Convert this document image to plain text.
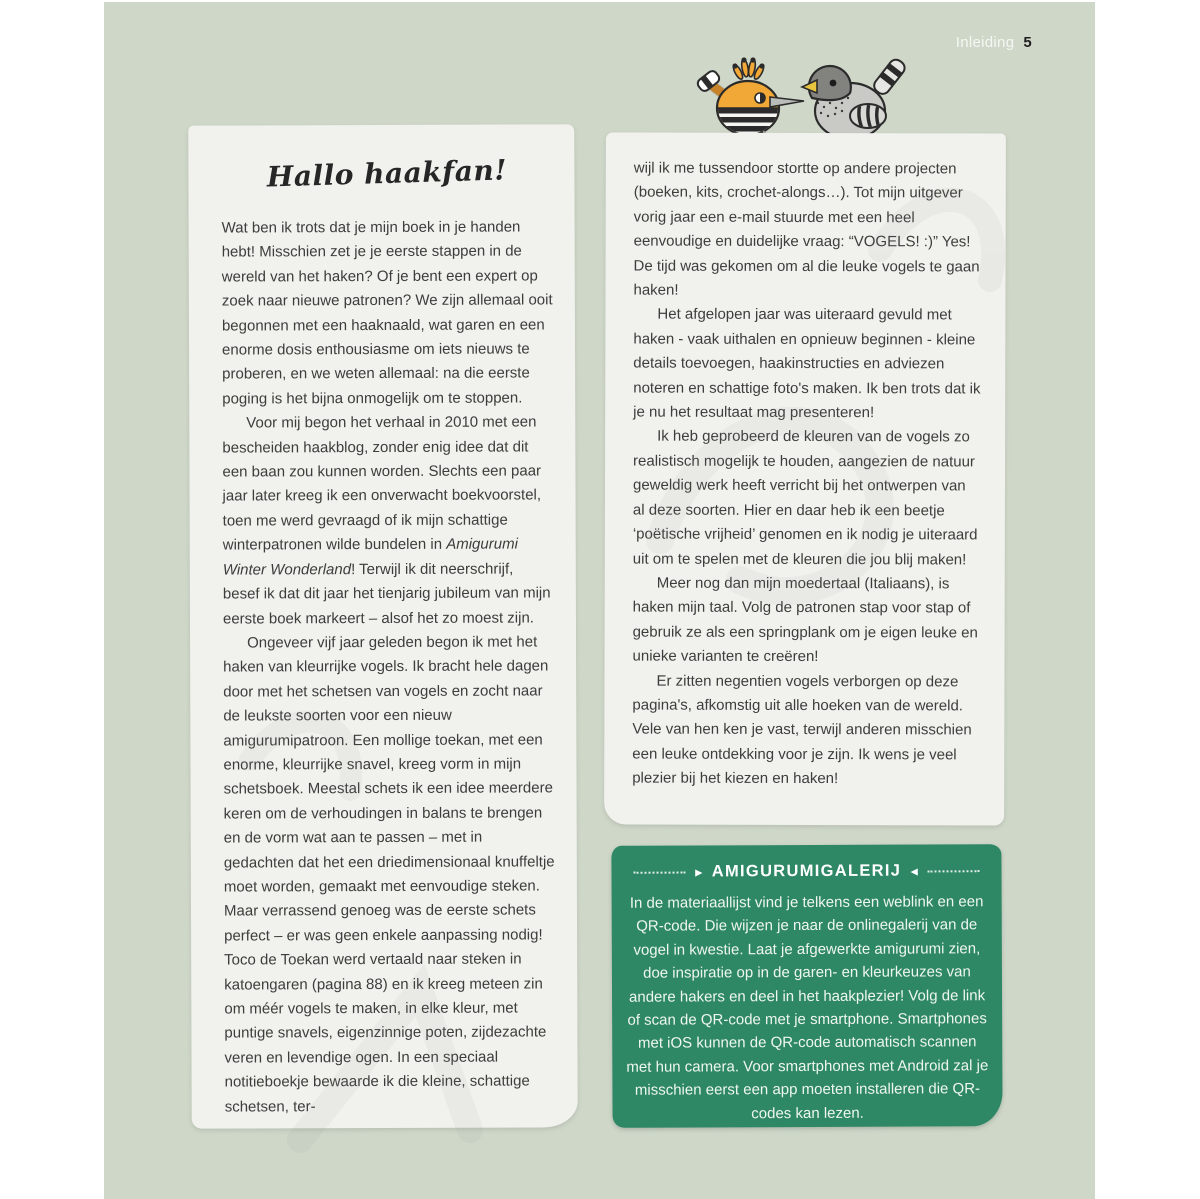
Inleiding 5
Hallo haakfan!

Wat ben ik trots dat je mijn boek in je handen hebt! Misschien zet je je eerste stappen in de wereld van het haken? Of je bent een expert op zoek naar nieuwe patronen? We zijn allemaal ooit begonnen met een haaknaald, wat garen en een enorme dosis enthousiasme om iets nieuws te proberen, en we weten allemaal: na die eerste poging is het bijna onmogelijk om te stoppen.

Voor mij begon het verhaal in 2010 met een bescheiden haakblog, zonder enig idee dat dit een baan zou kunnen worden. Slechts een paar jaar later kreeg ik een onverwacht boekvoorstel, toen me werd gevraagd of ik mijn schattige winterpatronen wilde bundelen in Amigurumi Winter Wonderland! Terwijl ik dit neerschrijf, besef ik dat dit jaar het tienjarig jubileum van mijn eerste boek markeert – alsof het zo moest zijn.

Ongeveer vijf jaar geleden begon ik met het haken van kleurrijke vogels. Ik bracht hele dagen door met het schetsen van vogels en zocht naar de leukste soorten voor een nieuw amigurumipatroon. Een mollige toekan, met een enorme, kleurrijke snavel, kreeg vorm in mijn schetsboek. Meestal schets ik een idee meerdere keren om de verhoudingen in balans te brengen en de vorm wat aan te passen – met in gedachten dat het een driedimensionaal knuffeltje moet worden, gemaakt met eenvoudige steken. Maar verrassend genoeg was de eerste schets perfect – er was geen enkele aanpassing nodig! Toco de Toekan werd vertaald naar steken in katoengaren (pagina 88) en ik kreeg meteen zin om méér vogels te maken, in elke kleur, met puntige snavels, eigenzinnige poten, zijdezachte veren en levendige ogen. In een speciaal notitieboekje bewaarde ik die kleine, schattige schetsen, ter-

wijl ik me tussendoor stortte op andere projecten (boeken, kits, crochet-alongs…). Tot mijn uitgever vorig jaar een e-mail stuurde met een heel eenvoudige en duidelijke vraag: “VOGELS! :)” Yes! De tijd was gekomen om al die leuke vogels te gaan haken!

Het afgelopen jaar was uiteraard gevuld met haken - vaak uithalen en opnieuw beginnen - kleine details toevoegen, haakinstructies en adviezen noteren en schattige foto's maken. Ik ben trots dat ik je nu het resultaat mag presenteren!

Ik heb geprobeerd de kleuren van de vogels zo realistisch mogelijk te houden, aangezien de natuur geweldig werk heeft verricht bij het ontwerpen van al deze soorten. Hier en daar heb ik een beetje ‘poëtische vrijheid’ genomen en ik nodig je uiteraard uit om te spelen met de kleuren die jou blij maken!

Meer nog dan mijn moedertaal (Italiaans), is haken mijn taal. Volg de patronen stap voor stap of gebruik ze als een springplank om je eigen leuke en unieke varianten te creëren!

Er zitten negentien vogels verborgen op deze pagina's, afkomstig uit alle hoeken van de wereld. Vele van hen ken je vast, terwijl anderen misschien een leuke ontdekking voor je zijn. Ik wens je veel plezier bij het kiezen en haken!

► AMIGURUMIGALERIJ ◄
In de materiaallijst vind je telkens een weblink en een QR-code. Die wijzen je naar de onlinegalerij van de vogel in kwestie. Laat je afgewerkte amigurumi zien, doe inspiratie op in de garen- en kleurkeuzes van andere hakers en deel in het haakplezier! Volg de link of scan de QR-code met je smartphone. Smartphones met iOS kunnen de QR-code automatisch scannen met hun camera. Voor smartphones met Android zal je misschien eerst een app moeten installeren die QR-codes kan lezen.
